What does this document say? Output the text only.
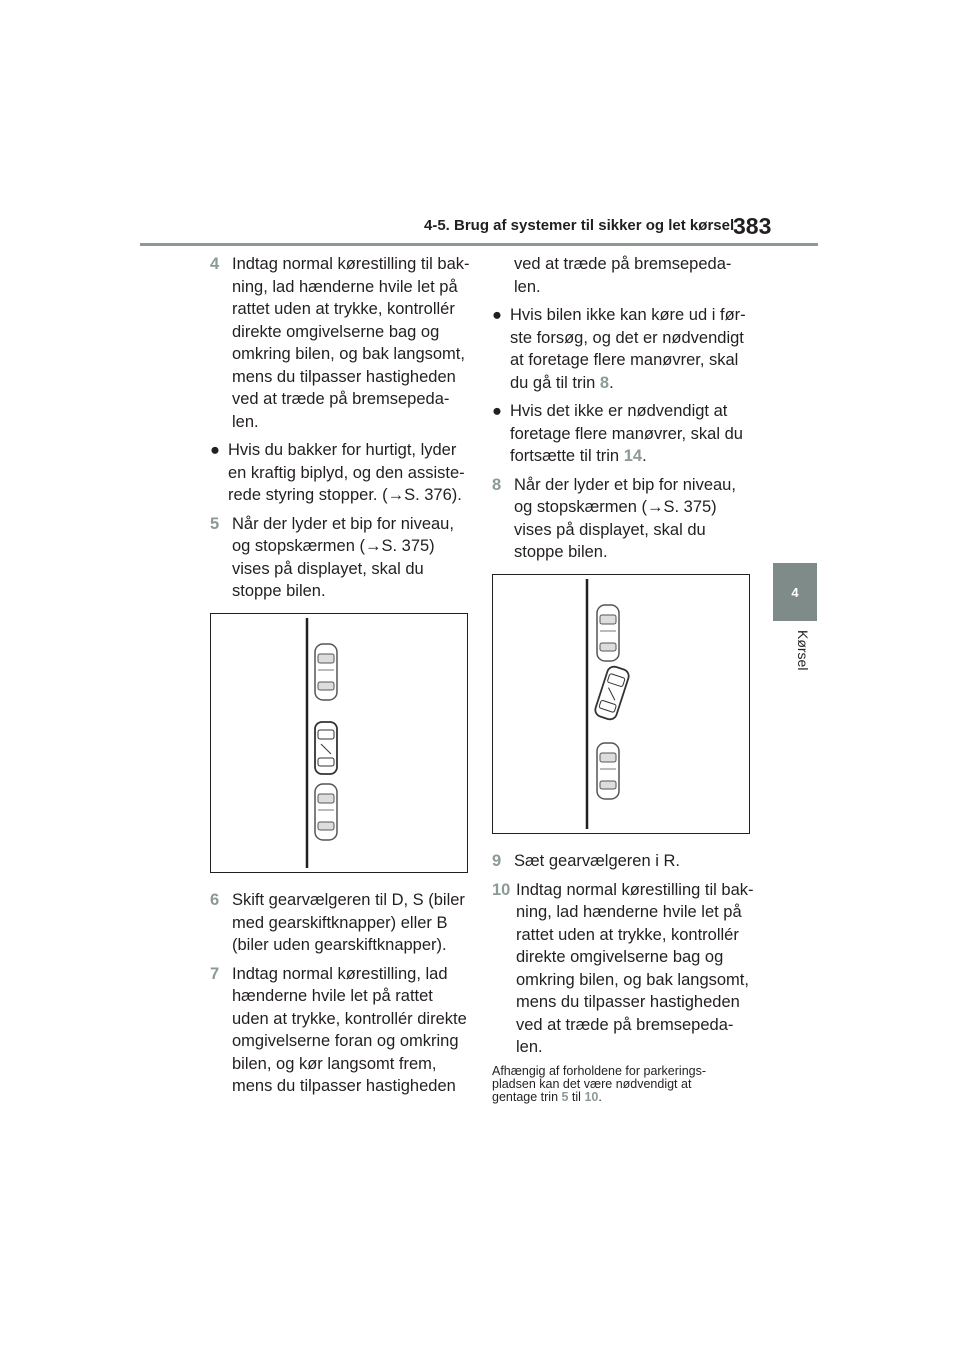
4-5. Brug af systemer til sikker og let kørsel
383
4
Kørsel
4 Indtag normal kørestilling til bak-
ning, lad hænderne hvile let på
rattet uden at trykke, kontrollér
direkte omgivelserne bag og
omkring bilen, og bak langsomt,
mens du tilpasser hastigheden
ved at træde på bremsepeda-
len.
● Hvis du bakker for hurtigt, lyder
en kraftig biplyd, og den assiste-
rede styring stopper. (→S. 376).
5 Når der lyder et bip for niveau,
og stopskærmen (→S. 375)
vises på displayet, skal du
stoppe bilen.
6 Skift gearvælgeren til D, S (biler
med gearskiftknapper) eller B
(biler uden gearskiftknapper).
7 Indtag normal kørestilling, lad
hænderne hvile let på rattet
uden at trykke, kontrollér direkte
omgivelserne foran og omkring
bilen, og kør langsomt frem,
mens du tilpasser hastigheden
ved at træde på bremsepeda-
len.
● Hvis bilen ikke kan køre ud i før-
ste forsøg, og det er nødvendigt
at foretage flere manøvrer, skal
du gå til trin 8.
● Hvis det ikke er nødvendigt at
foretage flere manøvrer, skal du
fortsætte til trin 14.
8 Når der lyder et bip for niveau,
og stopskærmen (→S. 375)
vises på displayet, skal du
stoppe bilen.
9 Sæt gearvælgeren i R.
10 Indtag normal kørestilling til bak-
ning, lad hænderne hvile let på
rattet uden at trykke, kontrollér
direkte omgivelserne bag og
omkring bilen, og bak langsomt,
mens du tilpasser hastigheden
ved at træde på bremsepeda-
len.
Afhængig af forholdene for parkerings-
pladsen kan det være nødvendigt at
gentage trin 5 til 10.
